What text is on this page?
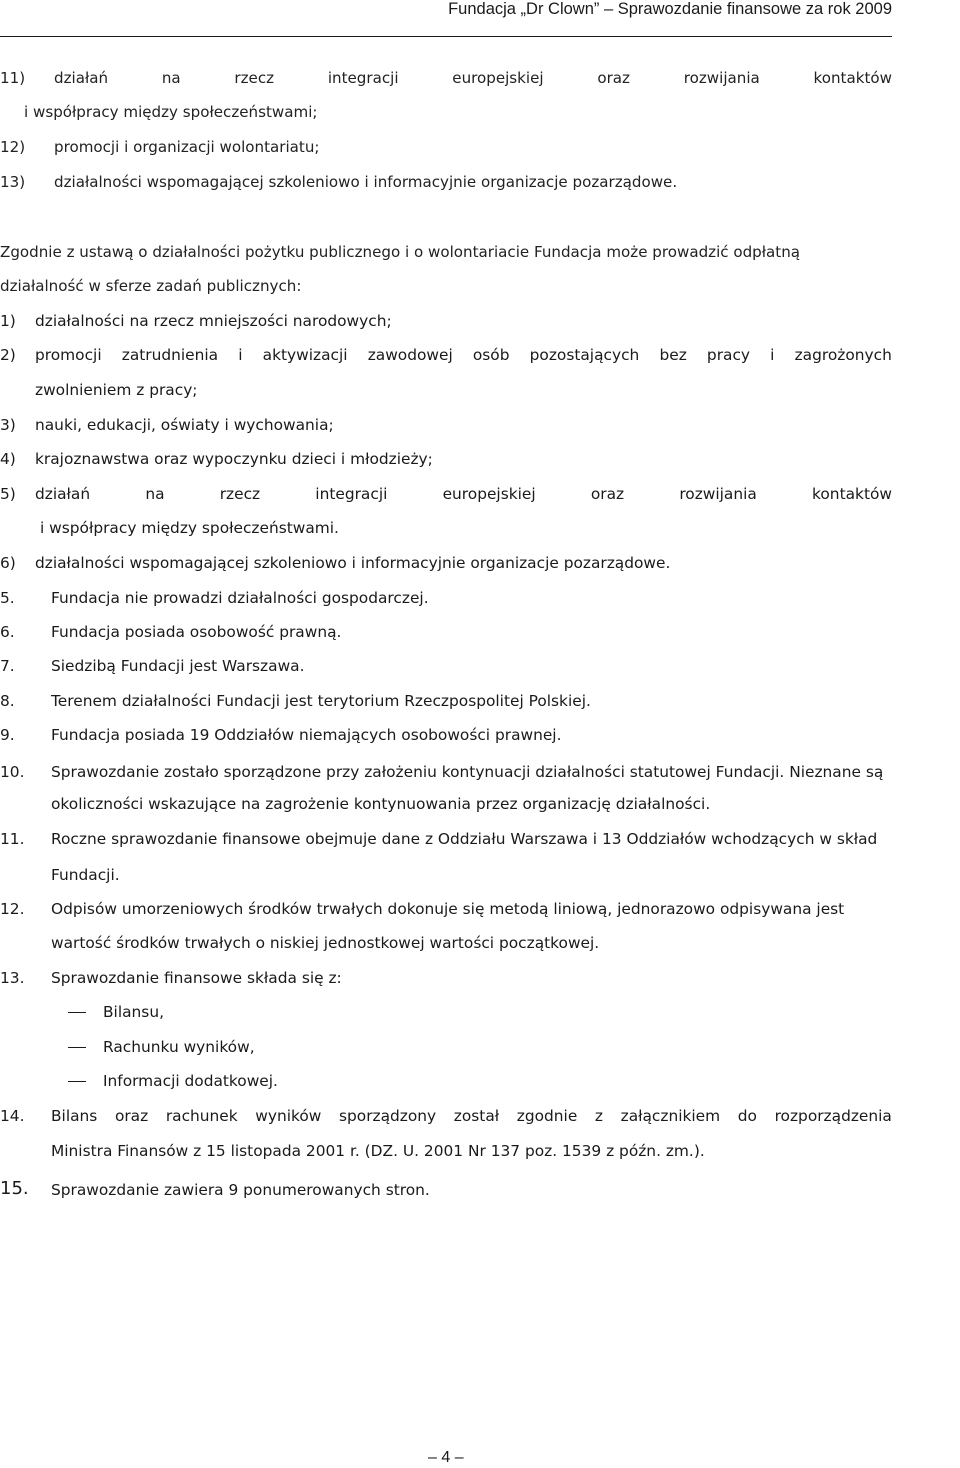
Fundacja „Dr Clown” – Sprawozdanie finansowe za rok 2009
11) działań	na	rzecz	integracji	europejskiej	oraz	rozwijania	kontaktów
i współpracy między społeczeństwami;
12) promocji i organizacji wolontariatu;
13) działalności wspomagającej szkoleniowo i informacyjnie organizacje pozarządowe.
Zgodnie z ustawą o działalności pożytku publicznego i o wolontariacie Fundacja może prowadzić odpłatną
działalność w sferze zadań publicznych:
1) działalności na rzecz mniejszości narodowych;
2) promocji zatrudnienia i aktywizacji zawodowej osób pozostających bez pracy i zagrożonych
zwolnieniem z pracy;
3) nauki, edukacji, oświaty i wychowania;
4) krajoznawstwa oraz wypoczynku dzieci i młodzieży;
5) działań	na	rzecz	integracji	europejskiej	oraz	rozwijania	kontaktów
i współpracy między społeczeństwami.
6) działalności wspomagającej szkoleniowo i informacyjnie organizacje pozarządowe.
5. Fundacja nie prowadzi działalności gospodarczej.
6. Fundacja posiada osobowość prawną.
7. Siedzibą Fundacji jest Warszawa.
8. Terenem działalności Fundacji jest terytorium Rzeczpospolitej Polskiej.
9. Fundacja posiada 19 Oddziałów niemających osobowości prawnej.
10. Sprawozdanie zostało sporządzone przy założeniu kontynuacji działalności statutowej Fundacji. Nieznane są
okoliczności wskazujące na zagrożenie kontynuowania przez organizację działalności.
11. Roczne sprawozdanie finansowe obejmuje dane z Oddziału Warszawa i 13 Oddziałów wchodzących w skład
Fundacji.
12. Odpisów umorzeniowych środków trwałych dokonuje się metodą liniową, jednorazowo odpisywana jest
wartość środków trwałych o niskiej jednostkowej wartości początkowej.
13. Sprawozdanie finansowe składa się z:
Bilansu,
Rachunku wyników,
Informacji dodatkowej.
14. Bilans oraz rachunek wyników sporządzony został zgodnie z załącznikiem do rozporządzenia
Ministra Finansów z 15 listopada 2001 r. (DZ. U. 2001 Nr 137 poz. 1539 z późn. zm.).
15. Sprawozdanie zawiera 9 ponumerowanych stron.
– 4 –
